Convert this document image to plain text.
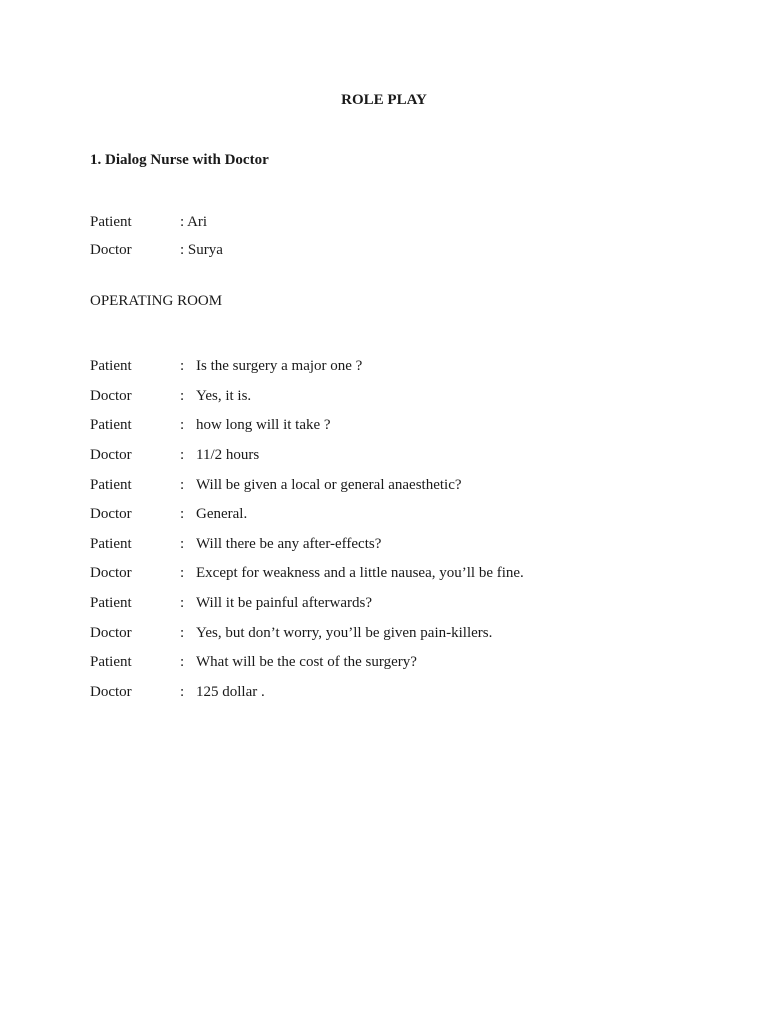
ROLE PLAY
1. Dialog Nurse with Doctor
Patient	: Ari
Doctor	: Surya
OPERATING ROOM
Patient	: Is the surgery a major one ?
Doctor	: Yes, it is.
Patient	: how long will it take ?
Doctor	: 11/2 hours
Patient	: Will be given a local or general anaesthetic?
Doctor	: General.
Patient	: Will there be any after-effects?
Doctor	: Except for weakness and a little nausea, you’ll be fine.
Patient	: Will it be painful afterwards?
Doctor	: Yes, but don’t worry, you’ll be given pain-killers.
Patient	: What will be the cost of the surgery?
Doctor	: 125 dollar .
